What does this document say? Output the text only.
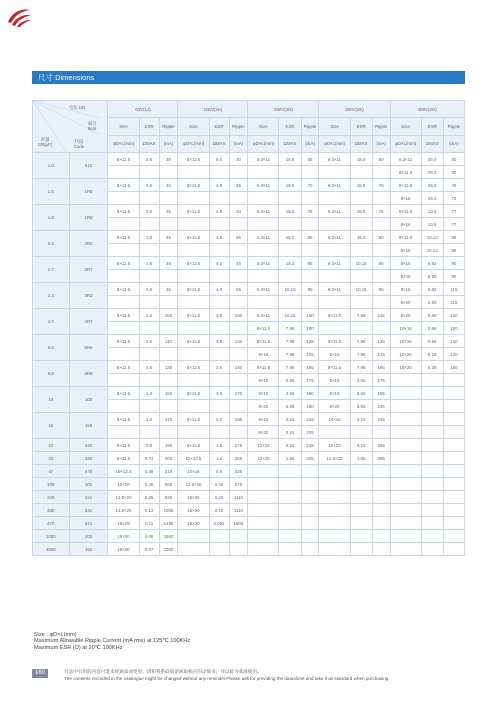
尺寸 Dimensions
电压 UR
项目 Item
代码 Code
容量 CR(μF)		63V(1J)			100V(2A)			200V(2D)			250V(2E)			400V(2G)		
		Size	ESR	Ripple	Size	ESR	Ripple	Size	ESR	Ripple	Size	ESR	Ripple	Size	ESR	Ripple
		φD×L(mm)	ΩMAX	(mA)	φD×L(mm)	ΩMAX	(mA)	φD×L(mm)	ΩMAX	(mA)	φD×L(mm)	ΩMAX	(mA)	φD×L(mm)	ΩMAX	(mA)
1.0	010	8×11.5	2.5	30	8×11.5	5.0	30	6.3×11	18.5	55	6.3×11	18.5	60	6.3×11	25.0	60
														8×11.5	25.0	60
1.5	1R5	8×11.5	2.5	30	8×11.5	4.8	35	6.3×11	18.5	70	6.3×11	18.5	70	8×11.5	25.0	70
														8×16	25.0	70
1.8	1R8	8×11.5	2.0	35	8×11.5	4.8	40	6.3×11	18.5	75	6.3×11	18.5	75	8×11.5	13.5	77
														8×16	13.5	77
2.2	2R2	8×11.5	1.8	45	8×11.5	4.5	45	6.3×11	15.2	80	6.3×11	15.2	80	8×11.5	10.13	80
														8×16	10.13	80
2.7	2R7	8×11.5	1.8	45	8×11.5	4.2	45	6.3×11	15.2	85	6.3×11	10.15	85	8×16	6.82	90
														8×20	6.82	90
3.3	3R3	8×11.5	1.5	45	8×11.5	4.0	65	6.3×11	10.15	90	6.3×11	10.15	95	8×16	6.82	115
														8×20	6.82	115
4.7	4R7	8×11.5	1.5	100	8×11.5	3.8	100	6.3×11	10.15	100	8×11.5	7.98	115	8×20	5.69	120
								8×11.5	7.98	100				10×16	5.69	120
5.6	5R6	8×11.5	1.5	110	8×11.5	3.8	120	8×11.5	7.98	125	8×11.5	7.98	125	10×16	5.69	140
								8×16	7.98	125	8×16	7.98	125	10×20	5.15	140
6.8	6R8	8×11.5	1.5	135	8×11.5	3.6	140	8×11.5	7.98	155	8×11.5	7.98	165	10×20	5.35	150
								8×16	3.65	175	8×16	3.65	175			
10	100	8×11.5	1.2	155	8×11.5	3.5	170	8×16	3.65	190	8×16	3.65	195			
								8×20	3.65	190	8×20	3.65	245			
15	150	8×11.5	1.0	175	8×11.5	3.0	195	8×16	3.24	225	10×16	3.24	245			
								8×20	3.24	225						
22	220	8×11.5	0.9	195	8×11.5	1.8	275	10×16	3.24	245	10×20	3.24	285			
33	330	8×11.5	0.73	200	10×12.5	1.2	365	10×25	1.65	325	12.5×20	1.65	365			
47	470	10×12.5	0.48	310	10×16	0.6	325									
100	101	10×20	0.30	655	12.5×20	0.45	675									
220	221	12.5×20	0.25	825	16×25	0.20	1110									
330	331	12.5×25	0.13	1005	16×30	0.10	1110									
470	471	16×25	0.11	1495	18×30	0.092	1600									
1000	102	16×30	0.08	1860												
1500	152	18×40	0.07	2360												
Size : φD×L(mm)
Maximum Allowable Ripple Current (mA rms) at 125℃ 100KHz
Maximum ESR (Ω) at 20℃ 100KHz
160	目录中引用的内容可能未经通知而变更。请和我系联前请索取相应的详细书，并以此为基准使用。
The contents recorded in the catalogue might be changed without any reminder.Please ask for providing the datasheet and take it as standard when purchasing.
